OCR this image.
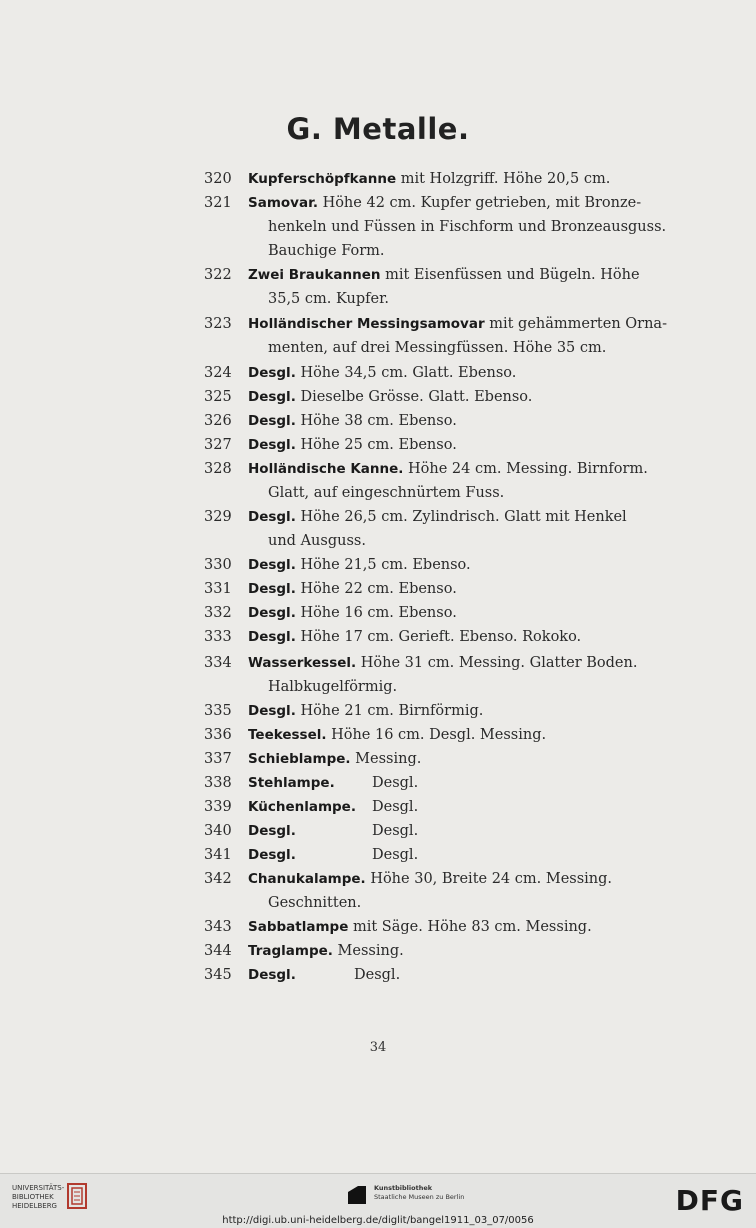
G. Metalle.
320	Kupferschöpfkanne mit Holzgriff. Höhe 20,5 cm.
321	Samovar. Höhe 42 cm. Kupfer getrieben, mit Bronze-
henkeln und Füssen in Fischform und Bronzeausguss.
Bauchige Form.
322	Zwei Braukannen mit Eisenfüssen und Bügeln. Höhe
35,5 cm. Kupfer.
323	Holländischer Messingsamovar mit gehämmerten Orna-
menten, auf drei Messingfüssen. Höhe 35 cm.
324	Desgl. Höhe 34,5 cm. Glatt. Ebenso.
325	Desgl. Dieselbe Grösse. Glatt. Ebenso.
326	Desgl. Höhe 38 cm. Ebenso.
327	Desgl. Höhe 25 cm. Ebenso.
328	Holländische Kanne. Höhe 24 cm. Messing. Birnform.
Glatt, auf eingeschnürtem Fuss.
329	Desgl. Höhe 26,5 cm. Zylindrisch. Glatt mit Henkel
und Ausguss.
330	Desgl. Höhe 21,5 cm. Ebenso.
331	Desgl. Höhe 22 cm. Ebenso.
332	Desgl. Höhe 16 cm. Ebenso.
333	Desgl. Höhe 17 cm. Gerieft. Ebenso. Rokoko.
334	Wasserkessel. Höhe 31 cm. Messing. Glatter Boden.
Halbkugelförmig.
335	Desgl. Höhe 21 cm. Birnförmig.
336	Teekessel. Höhe 16 cm. Desgl. Messing.
337	Schieblampe. Messing.
338	Stehlampe.	Desgl.
339	Küchenlampe. Desgl.
340	Desgl.	Desgl.
341	Desgl.	Desgl.
342	Chanukalampe. Höhe 30, Breite 24 cm. Messing.
Geschnitten.
343	Sabbatlampe mit Säge. Höhe 83 cm. Messing.
344	Traglampe. Messing.
345	Desgl.	Desgl.
34
UNIVERSITÄTS-
BIBLIOTHEK
HEIDELBERG
Kunstbibliothek
Staatliche Museen zu Berlin	DFG
http://digi.ub.uni-heidelberg.de/diglit/bangel1911_03_07/0056
